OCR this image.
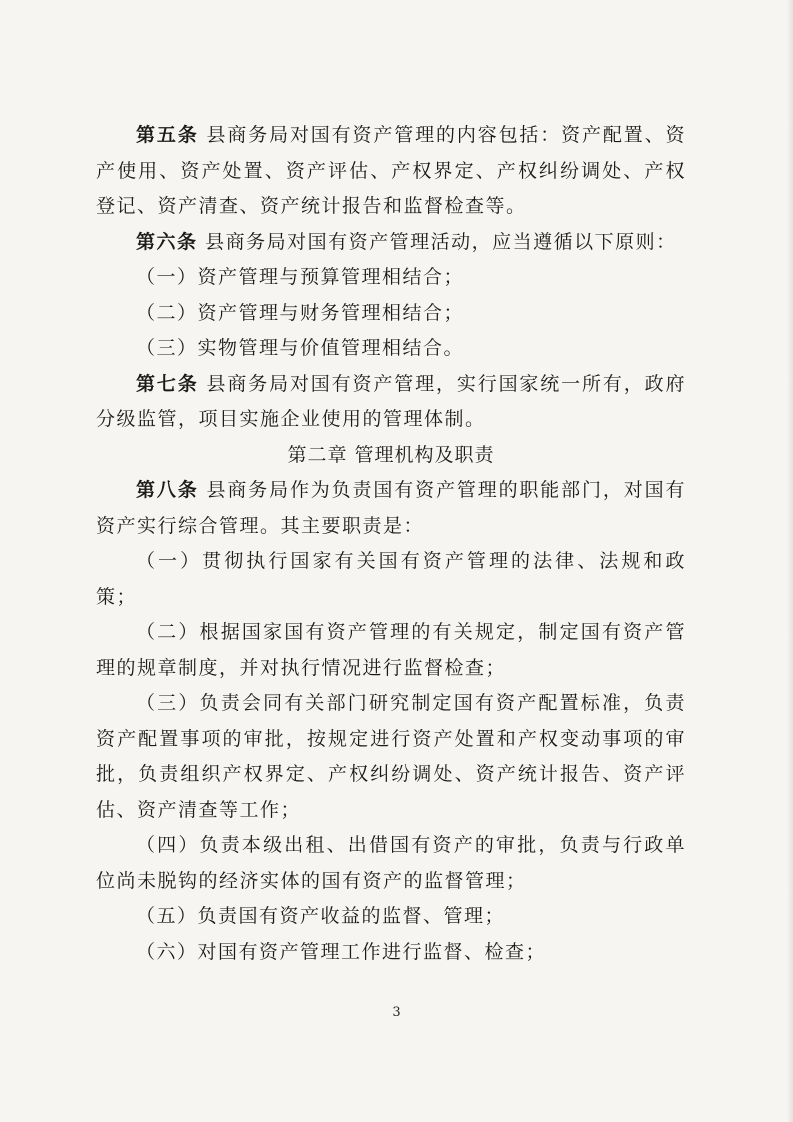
第五条 县商务局对国有资产管理的内容包括：资产配置、资产使用、资产处置、资产评估、产权界定、产权纠纷调处、产权登记、资产清查、资产统计报告和监督检查等。

第六条 县商务局对国有资产管理活动，应当遵循以下原则：

（一）资产管理与预算管理相结合；

（二）资产管理与财务管理相结合；

（三）实物管理与价值管理相结合。

第七条 县商务局对国有资产管理，实行国家统一所有，政府分级监管，项目实施企业使用的管理体制。

第二章 管理机构及职责

第八条 县商务局作为负责国有资产管理的职能部门，对国有资产实行综合管理。其主要职责是：

（一）贯彻执行国家有关国有资产管理的法律、法规和政策；

（二）根据国家国有资产管理的有关规定，制定国有资产管理的规章制度，并对执行情况进行监督检查；

（三）负责会同有关部门研究制定国有资产配置标准，负责资产配置事项的审批，按规定进行资产处置和产权变动事项的审批，负责组织产权界定、产权纠纷调处、资产统计报告、资产评估、资产清查等工作；

（四）负责本级出租、出借国有资产的审批，负责与行政单位尚未脱钩的经济实体的国有资产的监督管理；

（五）负责国有资产收益的监督、管理；

（六）对国有资产管理工作进行监督、检查；

3
